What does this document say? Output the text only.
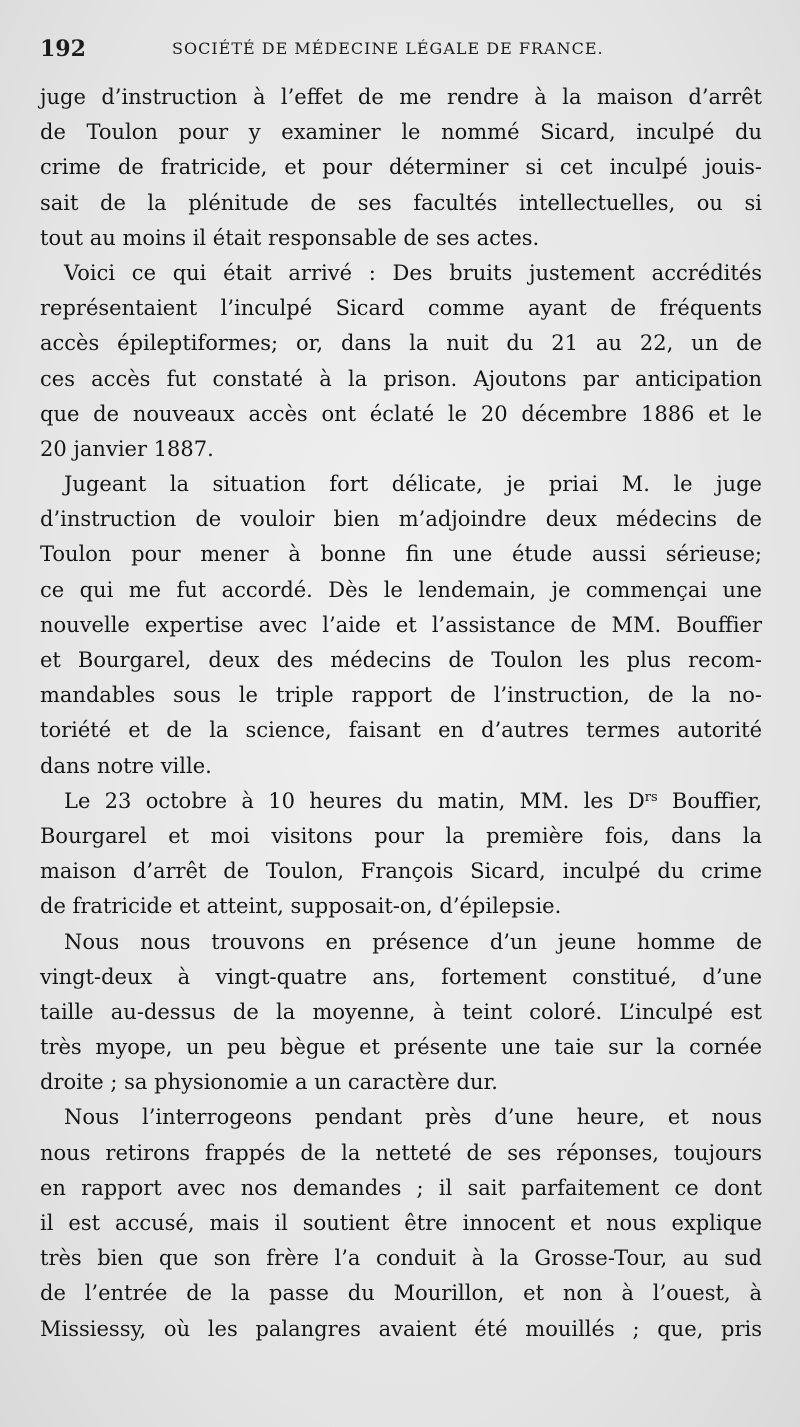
192	SOCIÉTÉ DE MÉDECINE LÉGALE DE FRANCE.
juge d’instruction à l’effet de me rendre à la maison d’arrêt
de Toulon pour y examiner le nommé Sicard, inculpé du
crime de fratricide, et pour déterminer si cet inculpé jouis-
sait de la plénitude de ses facultés intellectuelles, ou si
tout au moins il était responsable de ses actes.
Voici ce qui était arrivé : Des bruits justement accrédités
représentaient l’inculpé Sicard comme ayant de fréquents
accès épileptiformes; or, dans la nuit du 21 au 22, un de
ces accès fut constaté à la prison. Ajoutons par anticipation
que de nouveaux accès ont éclaté le 20 décembre 1886 et le
20 janvier 1887.
Jugeant la situation fort délicate, je priai M. le juge
d’instruction de vouloir bien m’adjoindre deux médecins de
Toulon pour mener à bonne fin une étude aussi sérieuse;
ce qui me fut accordé. Dès le lendemain, je commençai une
nouvelle expertise avec l’aide et l’assistance de MM. Bouffier
et Bourgarel, deux des médecins de Toulon les plus recom-
mandables sous le triple rapport de l’instruction, de la no-
toriété et de la science, faisant en d’autres termes autorité
dans notre ville.
Le 23 octobre à 10 heures du matin, MM. les $D^{rs}$ Bouffier,
Bourgarel et moi visitons pour la première fois, dans la
maison d’arrêt de Toulon, François Sicard, inculpé du crime
de fratricide et atteint, supposait-on, d’épilepsie.
Nous nous trouvons en présence d’un jeune homme de
vingt-deux à vingt-quatre ans, fortement constitué, d’une
taille au-dessus de la moyenne, à teint coloré. L’inculpé est
très myope, un peu bègue et présente une taie sur la cornée
droite ; sa physionomie a un caractère dur.
Nous l’interrogeons pendant près d’une heure, et nous
nous retirons frappés de la netteté de ses réponses, toujours
en rapport avec nos demandes ; il sait parfaitement ce dont
il est accusé, mais il soutient être innocent et nous explique
très bien que son frère l’a conduit à la Grosse-Tour, au sud
de l’entrée de la passe du Mourillon, et non à l’ouest, à
Missiessy, où les palangres avaient été mouillés ; que, pris
